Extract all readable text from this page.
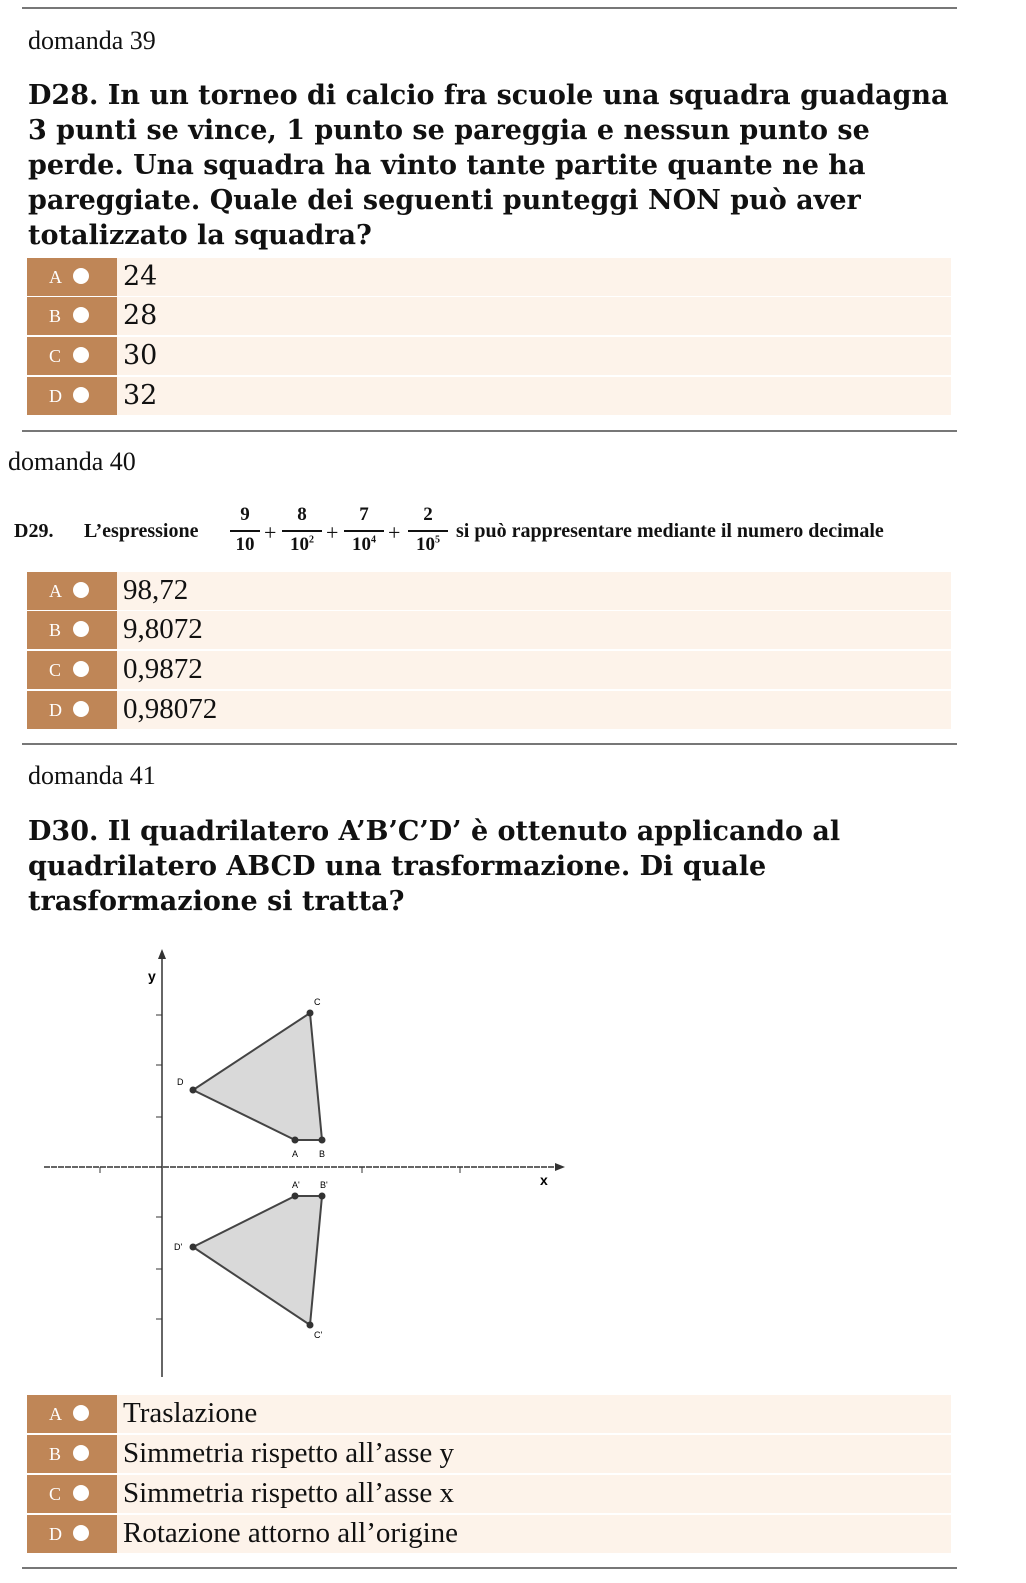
domanda 39
D28. In un torneo di calcio fra scuole una squadra guadagna 3 punti se vince, 1 punto se pareggia e nessun punto se perde. Una squadra ha vinto tante partite quante ne ha pareggiate. Quale dei seguenti punteggi NON può aver totalizzato la squadra?
A 24
B 28
C 30
D 32
domanda 40
D29. L’espressione
9
10 +
8
$10^2$ +
7
$10^4$ +
2
$10^5$ si può rappresentare mediante il numero decimale
A 98,72
B 9,8072
C 0,9872
D 0,98072
domanda 41
D30. Il quadrilatero A’B’C’D’ è ottenuto applicando al quadrilatero ABCD una trasformazione. Di quale trasformazione si tratta?
y
x
A B
C
D
A' B'
C'
D'
A Traslazione
B Simmetria rispetto all’asse y
C Simmetria rispetto all’asse x
D Rotazione attorno all’origine
